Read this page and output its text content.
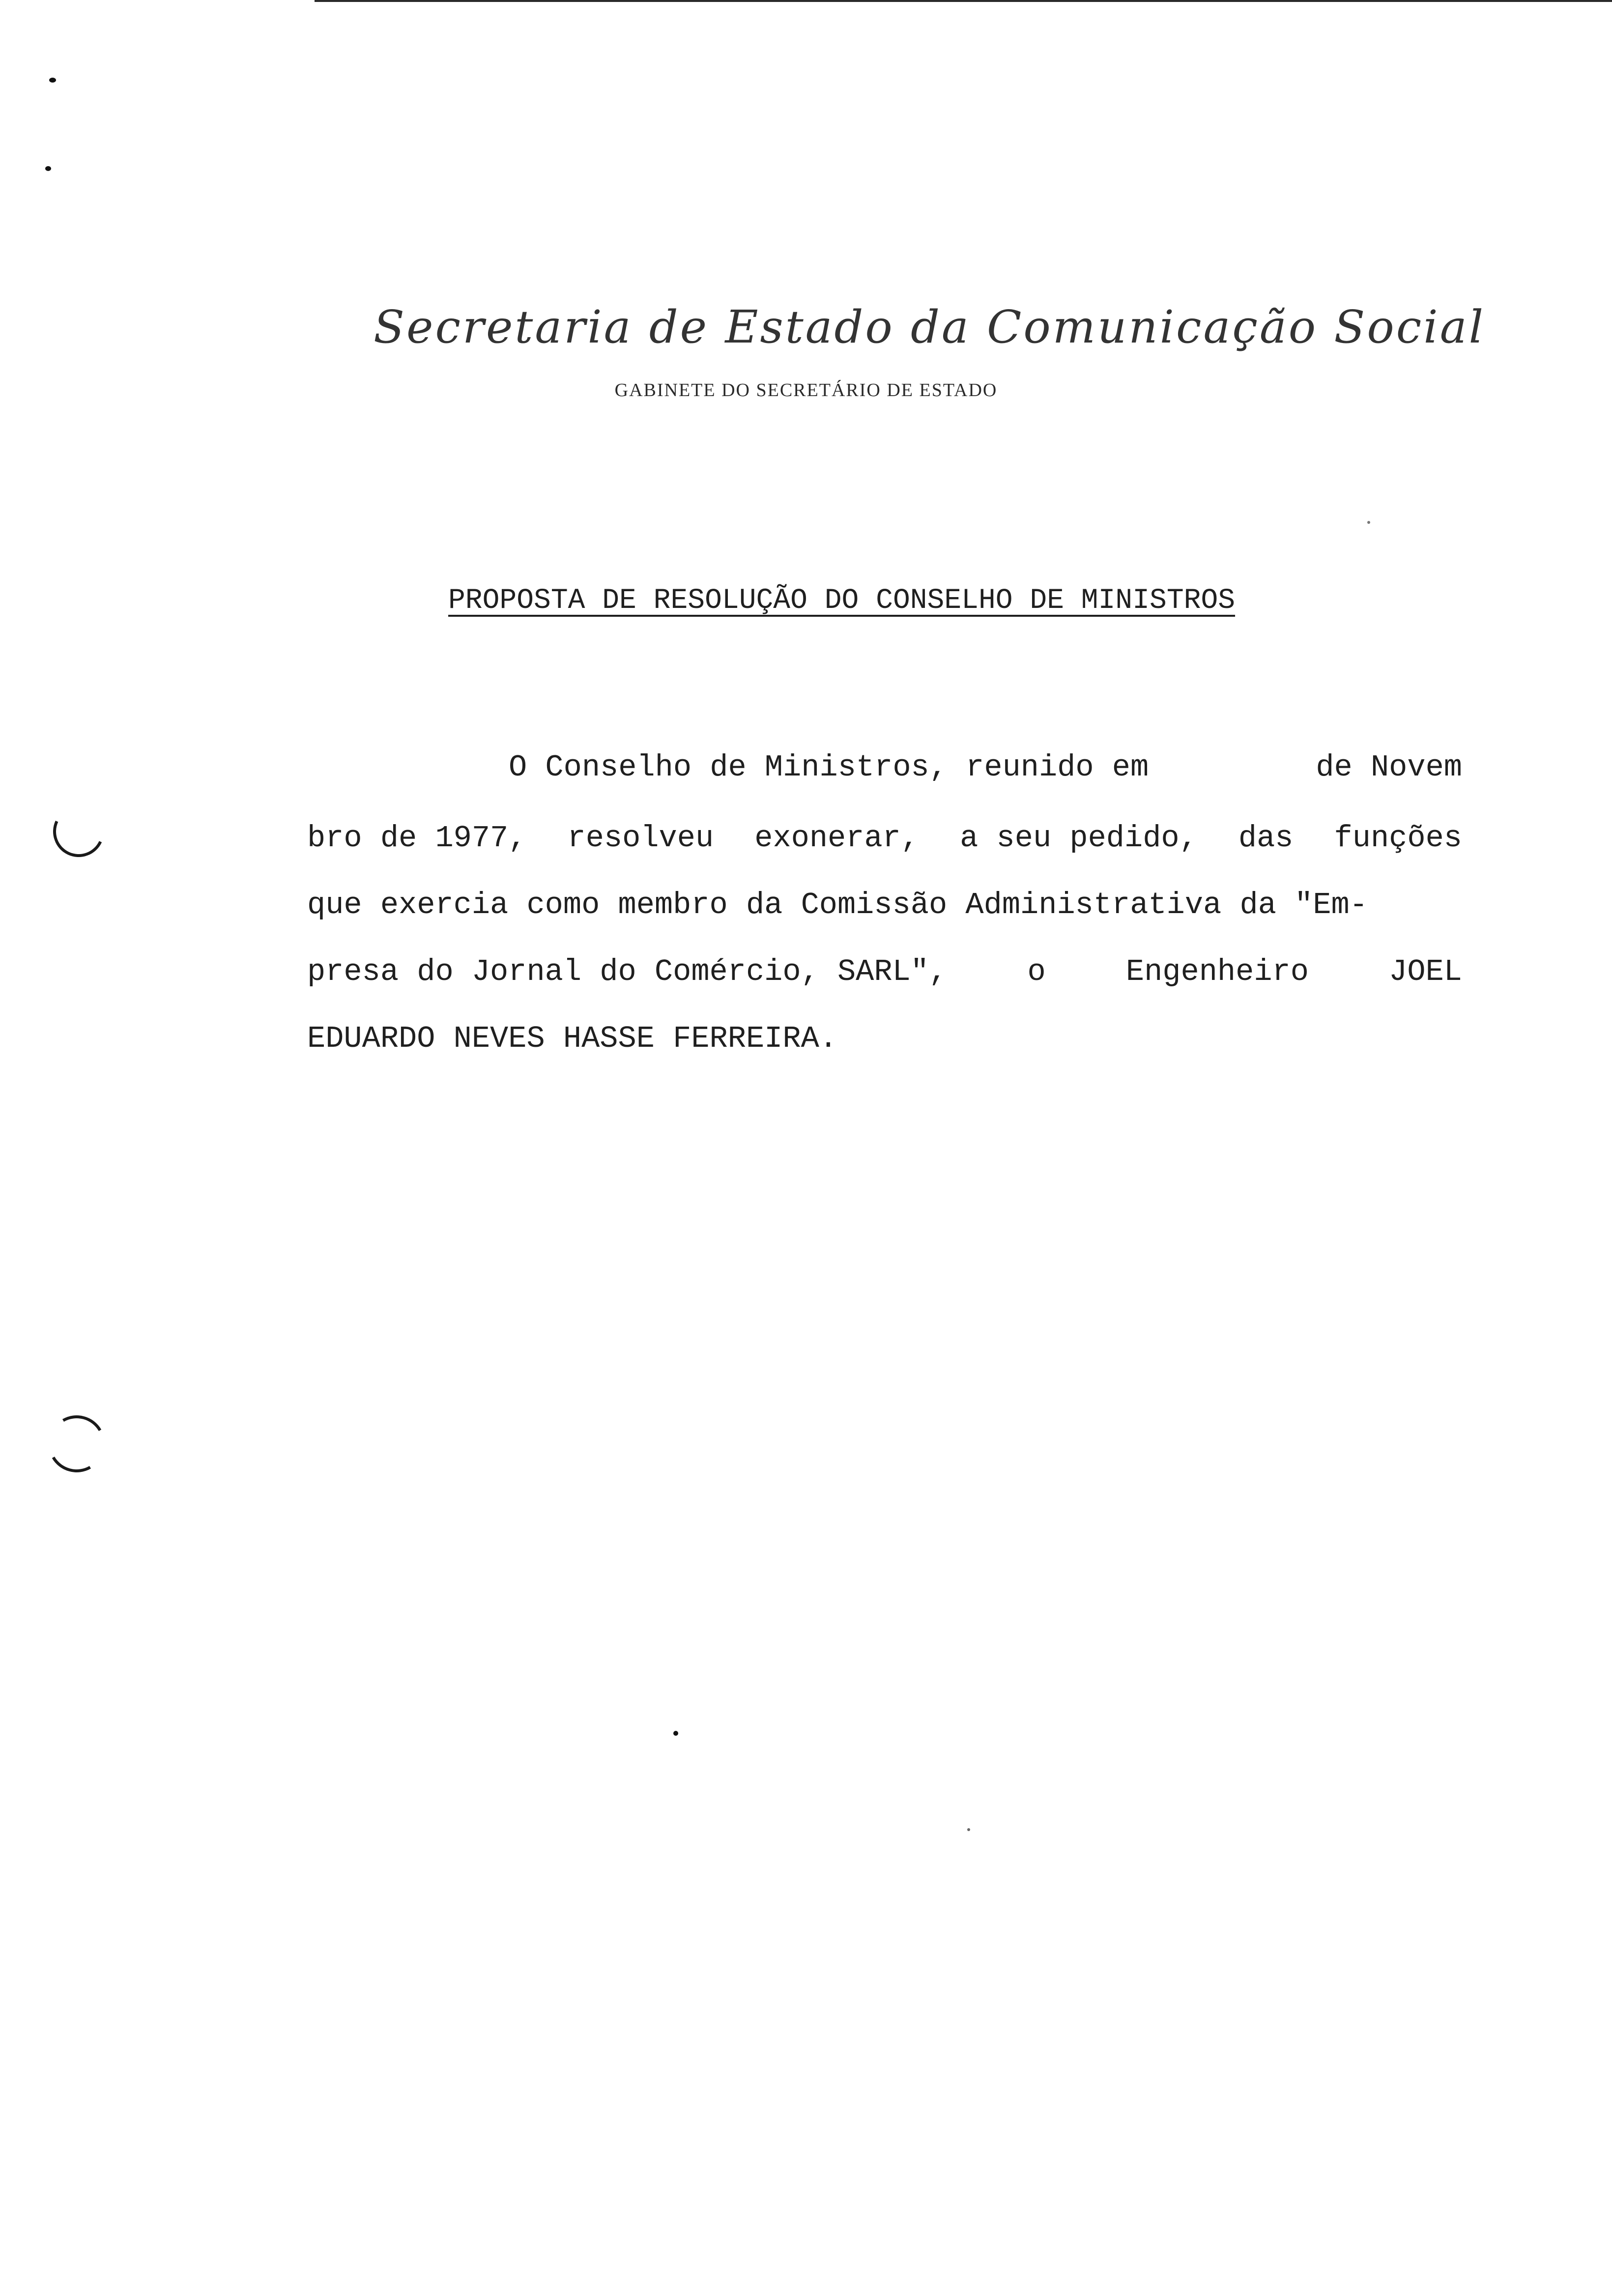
Secretaria de Estado da Comunicação Social
GABINETE DO SECRETÁRIO DE ESTADO
PROPOSTA DE RESOLUÇÃO DO CONSELHO DE MINISTROS
O Conselho de Ministros, reunido em	de Novem
bro de 1977, resolveu exonerar, a seu pedido, das funções
que exercia como membro da Comissão Administrativa da "Em-
presa do Jornal do Comércio, SARL",	o	Engenheiro	JOEL
EDUARDO NEVES HASSE FERREIRA.
